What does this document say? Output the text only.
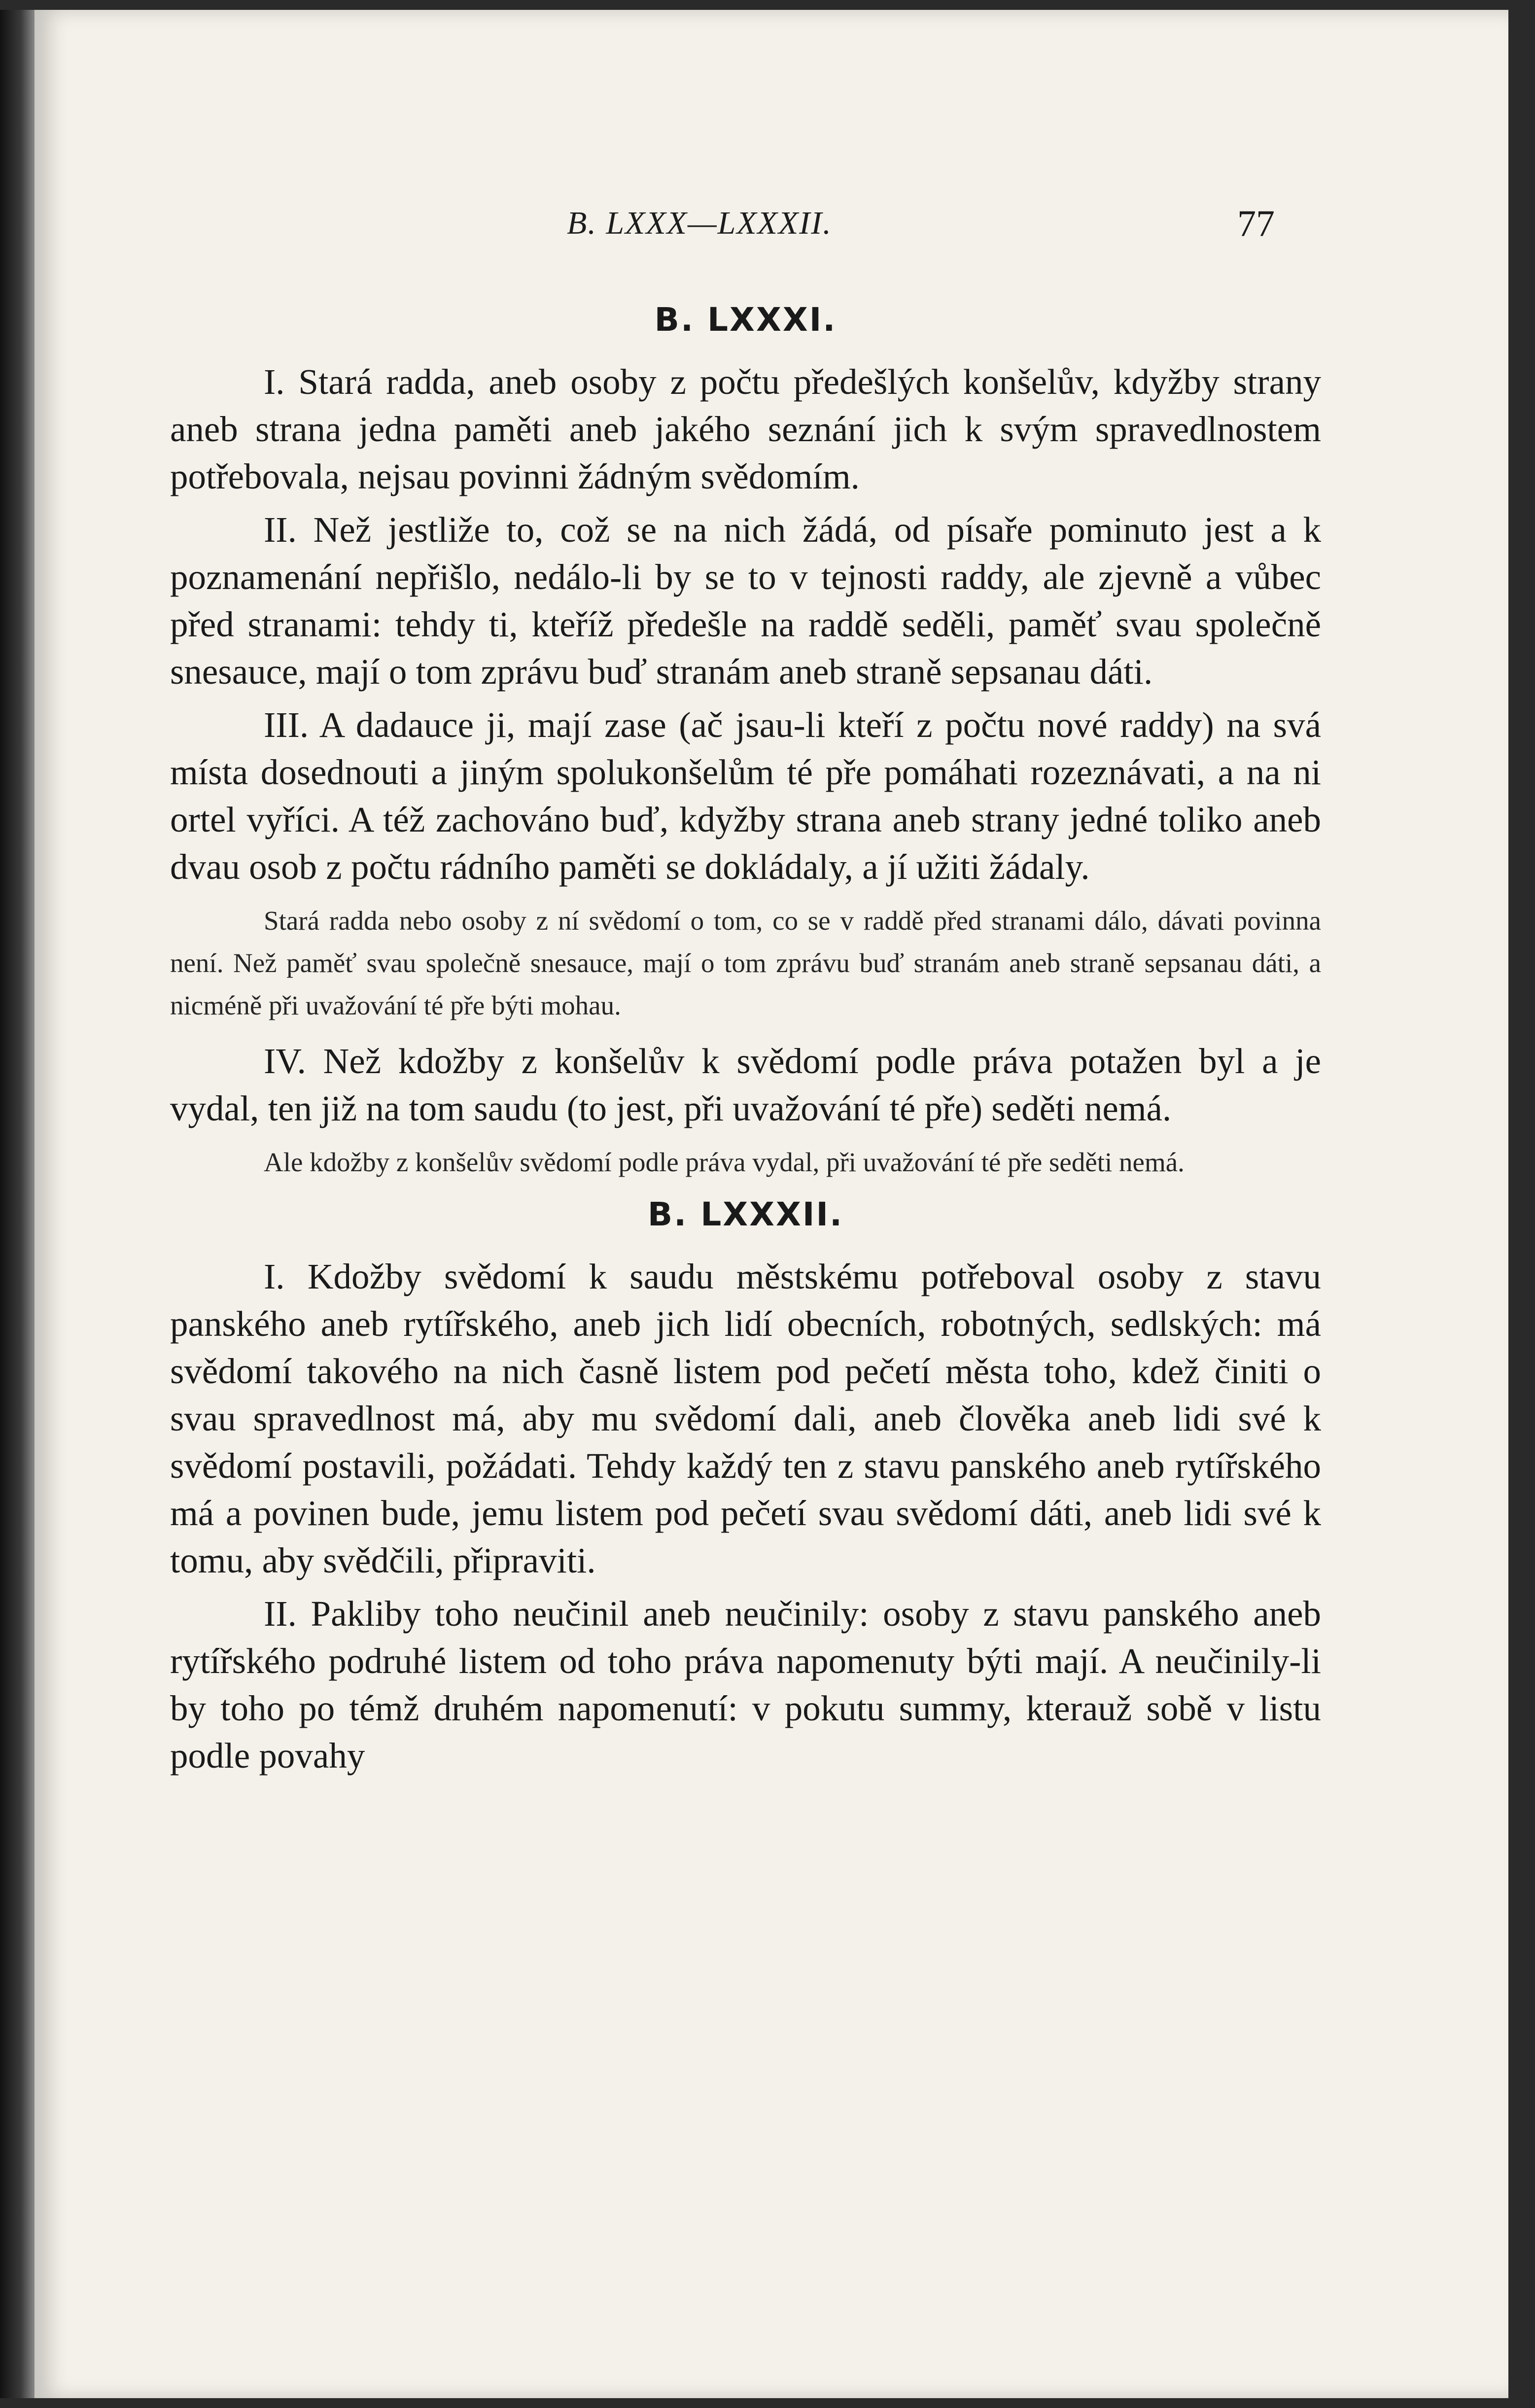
B. LXXX—LXXXII.	77
B. LXXXI.

I. Stará radda, aneb osoby z počtu předešlých konšelův, kdyžby strany aneb strana jedna paměti aneb jakého seznání jich k svým spravedlnostem potřebovala, nejsau povinni žádným svědomím.

II. Než jestliže to, což se na nich žádá, od písaře pominuto jest a k poznamenání nepřišlo, nedálo-li by se to v tejnosti raddy, ale zjevně a vůbec před stranami: tehdy ti, kteříž předešle na raddě seděli, paměť svau společně snesauce, mají o tom zprávu buď stranám aneb straně sepsanau dáti.

III. A dadauce ji, mají zase (ač jsau-li kteří z počtu nové raddy) na svá místa dosednouti a jiným spolukonšelům té pře pomáhati rozeznávati, a na ni ortel vyříci. A též zachováno buď, kdyžby strana aneb strany jedné toliko aneb dvau osob z počtu rádního paměti se dokládaly, a jí užiti žádaly.

Stará radda nebo osoby z ní svědomí o tom, co se v raddě před stranami dálo, dávati povinna není. Než paměť svau společně snesauce, mají o tom zprávu buď stranám aneb straně sepsanau dáti, a nicméně při uvažování té pře býti mohau.

IV. Než kdožby z konšelův k svědomí podle práva potažen byl a je vydal, ten již na tom saudu (to jest, při uvažování té pře) seděti nemá.

Ale kdožby z konšelův svědomí podle práva vydal, při uvažování té pře seděti nemá.

B. LXXXII.

I. Kdožby svědomí k saudu městskému potřeboval osoby z stavu panského aneb rytířského, aneb jich lidí obecních, robotných, sedlských: má svědomí takového na nich časně listem pod pečetí města toho, kdež činiti o svau spravedlnost má, aby mu svědomí dali, aneb člověka aneb lidi své k svědomí postavili, požádati. Tehdy každý ten z stavu panského aneb rytířského má a povinen bude, jemu listem pod pečetí svau svědomí dáti, aneb lidi své k tomu, aby svědčili, připraviti.

II. Pakliby toho neučinil aneb neučinily: osoby z stavu panského aneb rytířského podruhé listem od toho práva napomenuty býti mají. A neučinily-li by toho po témž druhém napomenutí: v pokutu summy, kterauž sobě v listu podle povahy
